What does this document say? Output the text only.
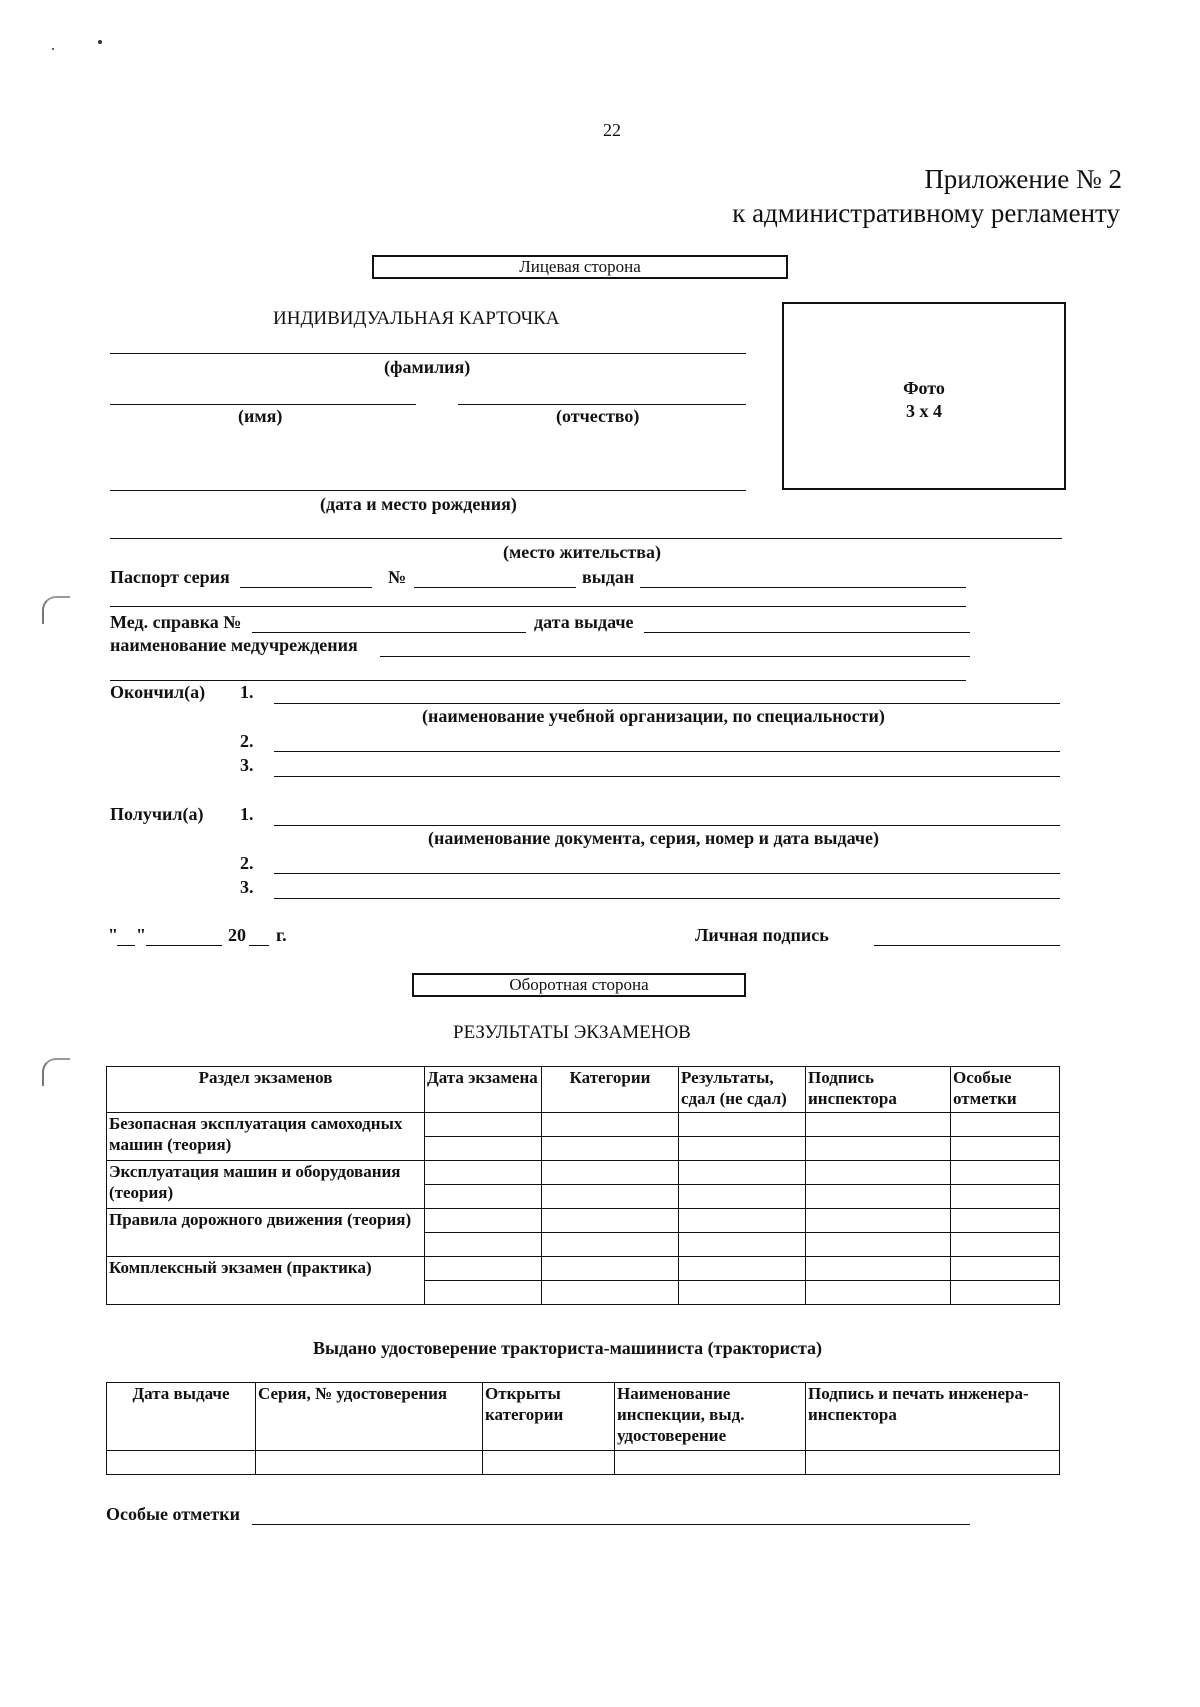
22
Приложение № 2
к административному регламенту
Лицевая сторона
ИНДИВИДУАЛЬНАЯ КАРТОЧКА
Фото
3 x 4
(фамилия)
(имя)	(отчество)
(дата и место рождения)
(место жительства)
Паспорт серия	№	выдан
Мед. справка №	дата выдаче
наименование медучреждения
Окончил(а) 1.
(наименование учебной организации, по специальности)
2.
3.
Получил(а) 1.
(наименование документа, серия, номер и дата выдаче)
2.
3.
" "	20 г.	Личная подпись
Оборотная сторона
РЕЗУЛЬТАТЫ ЭКЗАМЕНОВ
Раздел экзаменов	Дата экзамена	Категории	Результаты, сдал (не сдал)	Подпись инспектора	Особые отметки
Безопасная эксплуатация самоходных машин (теория)					

Эксплуатация машин и оборудования (теория)					

Правила дорожного движения (теория)					

Комплексный экзамен (практика)					

Выдано удостоверение тракториста-машиниста (тракториста)
Дата выдаче	Серия, № удостоверения	Открыты категории	Наименование инспекции, выд. удостоверение	Подпись и печать инженера-инспектора

Особые отметки
